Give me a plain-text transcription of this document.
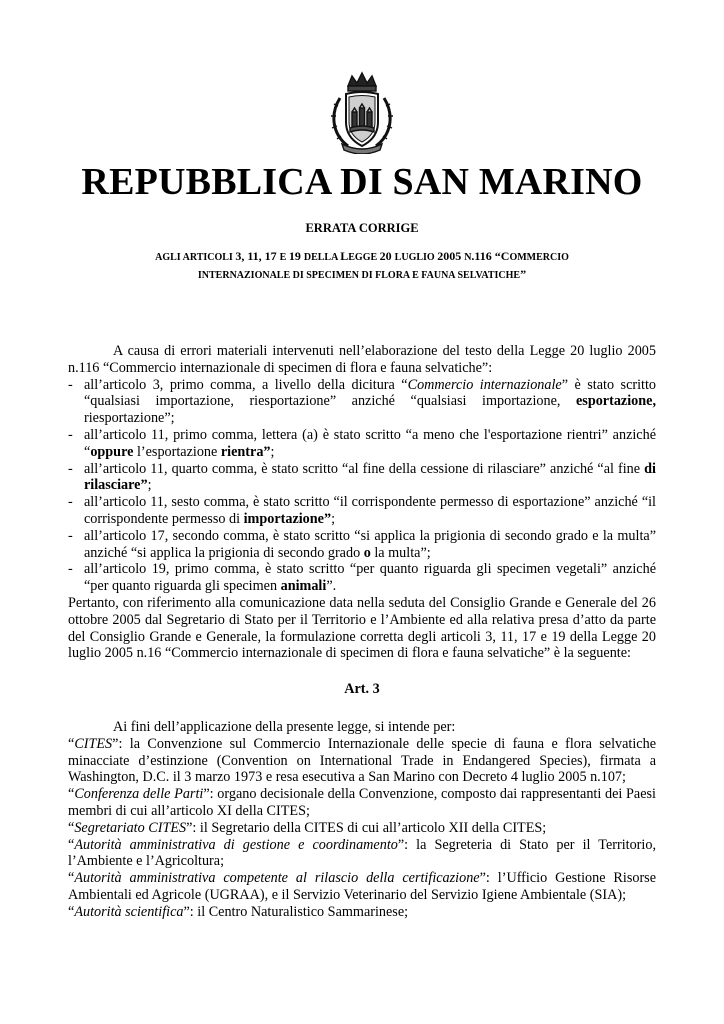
REPUBBLICA DI SAN MARINO
ERRATA CORRIGE
AGLI ARTICOLI 3, 11, 17 E 19 DELLA LEGGE 20 LUGLIO 2005 N.116 “COMMERCIO
INTERNAZIONALE DI SPECIMEN DI FLORA E FAUNA SELVATICHE”

A causa di errori materiali intervenuti nell’elaborazione del testo della Legge 20 luglio 2005 n.116 “Commercio internazionale di specimen di flora e fauna selvatiche”:

- all’articolo 3, primo comma, a livello della dicitura “Commercio internazionale” è stato scritto “qualsiasi importazione, riesportazione” anziché “qualsiasi importazione, esportazione, riesportazione”;

- all’articolo 11, primo comma, lettera (a) è stato scritto “a meno che l'esportazione rientri” anziché “oppure l’esportazione rientra”;

- all’articolo 11, quarto comma, è stato scritto “al fine della cessione di rilasciare” anziché “al fine di rilasciare”;

- all’articolo 11, sesto comma, è stato scritto “il corrispondente permesso di esportazione” anziché “il corrispondente permesso di importazione”;

- all’articolo 17, secondo comma, è stato scritto “si applica la prigionia di secondo grado e la multa” anziché “si applica la prigionia di secondo grado o la multa”;

- all’articolo 19, primo comma, è stato scritto “per quanto riguarda gli specimen vegetali” anziché “per quanto riguarda gli specimen animali”.

Pertanto, con riferimento alla comunicazione data nella seduta del Consiglio Grande e Generale del 26 ottobre 2005 dal Segretario di Stato per il Territorio e l’Ambiente ed alla relativa presa d’atto da parte del Consiglio Grande e Generale, la formulazione corretta degli articoli 3, 11, 17 e 19 della Legge 20 luglio 2005 n.16 “Commercio internazionale di specimen di flora e fauna selvatiche” è la seguente:

Art. 3

Ai fini dell’applicazione della presente legge, si intende per:

“CITES”: la Convenzione sul Commercio Internazionale delle specie di fauna e flora selvatiche minacciate d’estinzione (Convention on International Trade in Endangered Species), firmata a Washington, D.C. il 3 marzo 1973 e resa esecutiva a San Marino con Decreto 4 luglio 2005 n.107;

“Conferenza delle Parti”: organo decisionale della Convenzione, composto dai rappresentanti dei Paesi membri di cui all’articolo XI della CITES;

“Segretariato CITES”: il Segretario della CITES di cui all’articolo XII della CITES;

“Autorità amministrativa di gestione e coordinamento”: la Segreteria di Stato per il Territorio, l’Ambiente e l’Agricoltura;

“Autorità amministrativa competente al rilascio della certificazione”: l’Ufficio Gestione Risorse Ambientali ed Agricole (UGRAA), e il Servizio Veterinario del Servizio Igiene Ambientale (SIA);

“Autorità scientifica”: il Centro Naturalistico Sammarinese;
